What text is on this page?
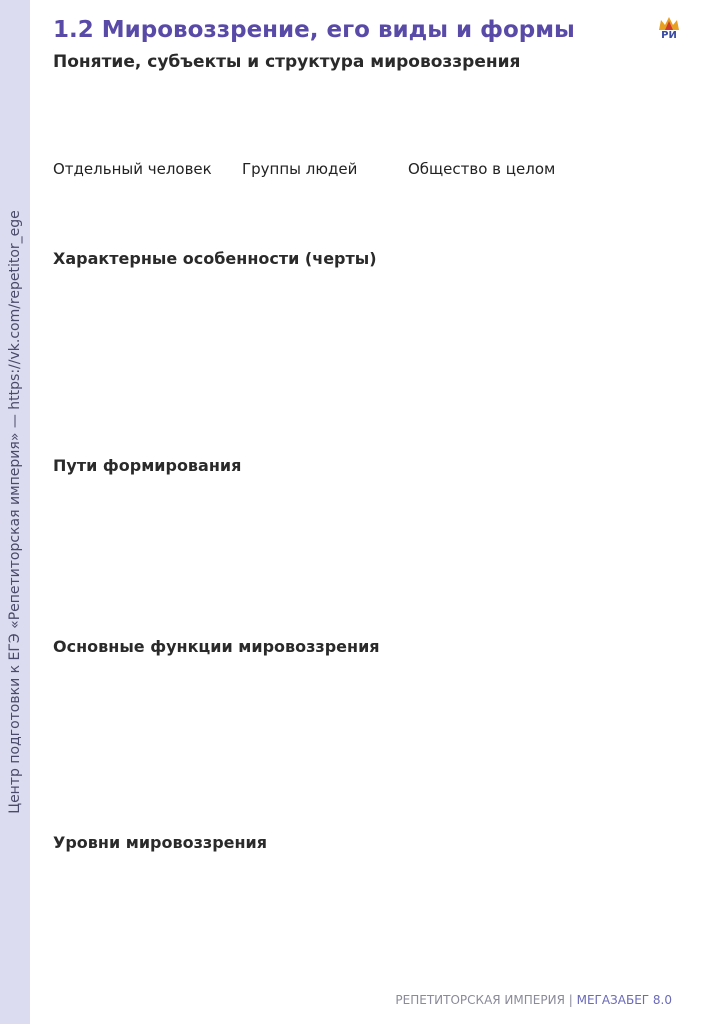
Центр подготовки к ЕГЭ «Репетиторская империя» — https://vk.com/repetitor_ege
1.2 Мировоззрение, его виды и формы
Понятие, субъекты и структура мировоззрения
РИ
Отдельный человек Группы людей	Общество в целом
Характерные особенности (черты)
Пути формирования
Основные функции мировоззрения
Уровни мировоззрения
РЕПЕТИТОРСКАЯ ИМПЕРИЯ | МЕГАЗАБЕГ 8.0
